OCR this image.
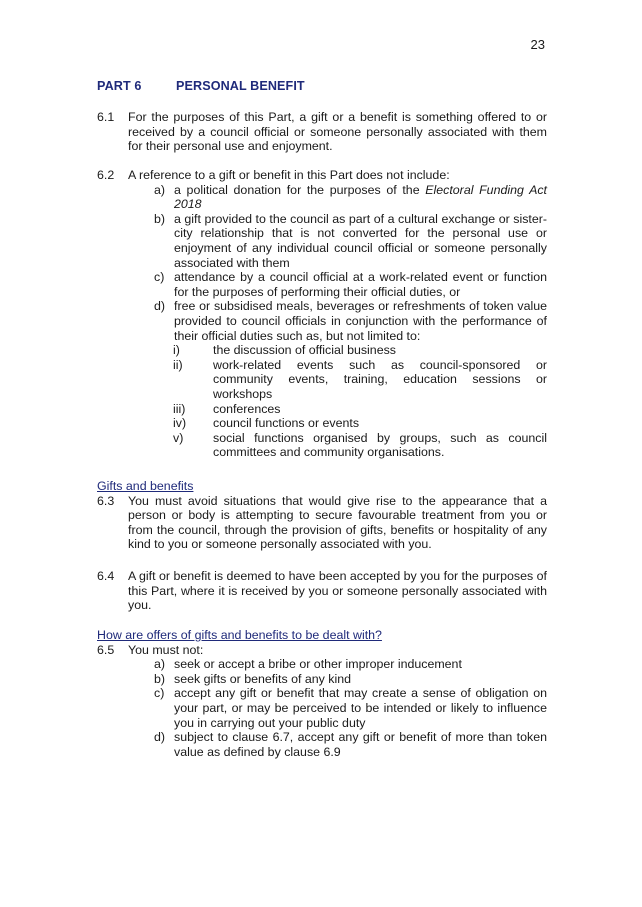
23
PART 6	PERSONAL BENEFIT
6.1 For the purposes of this Part, a gift or a benefit is something offered to or received by a council official or someone personally associated with them for their personal use and enjoyment.
6.2 A reference to a gift or benefit in this Part does not include:
a) a political donation for the purposes of the Electoral Funding Act 2018
b) a gift provided to the council as part of a cultural exchange or sister-city relationship that is not converted for the personal use or enjoyment of any individual council official or someone personally associated with them
c) attendance by a council official at a work-related event or function for the purposes of performing their official duties, or
d) free or subsidised meals, beverages or refreshments of token value provided to council officials in conjunction with the performance of their official duties such as, but not limited to:
i)	the discussion of official business
ii) work-related events such as council-sponsored or community events, training, education sessions or workshops
iii) conferences
iv) council functions or events
v) social functions organised by groups, such as council committees and community organisations.
Gifts and benefits
6.3 You must avoid situations that would give rise to the appearance that a person or body is attempting to secure favourable treatment from you or from the council, through the provision of gifts, benefits or hospitality of any kind to you or someone personally associated with you.
6.4 A gift or benefit is deemed to have been accepted by you for the purposes of this Part, where it is received by you or someone personally associated with you.
How are offers of gifts and benefits to be dealt with?
6.5 You must not:
a) seek or accept a bribe or other improper inducement
b) seek gifts or benefits of any kind
c) accept any gift or benefit that may create a sense of obligation on your part, or may be perceived to be intended or likely to influence you in carrying out your public duty
d) subject to clause 6.7, accept any gift or benefit of more than token value as defined by clause 6.9
